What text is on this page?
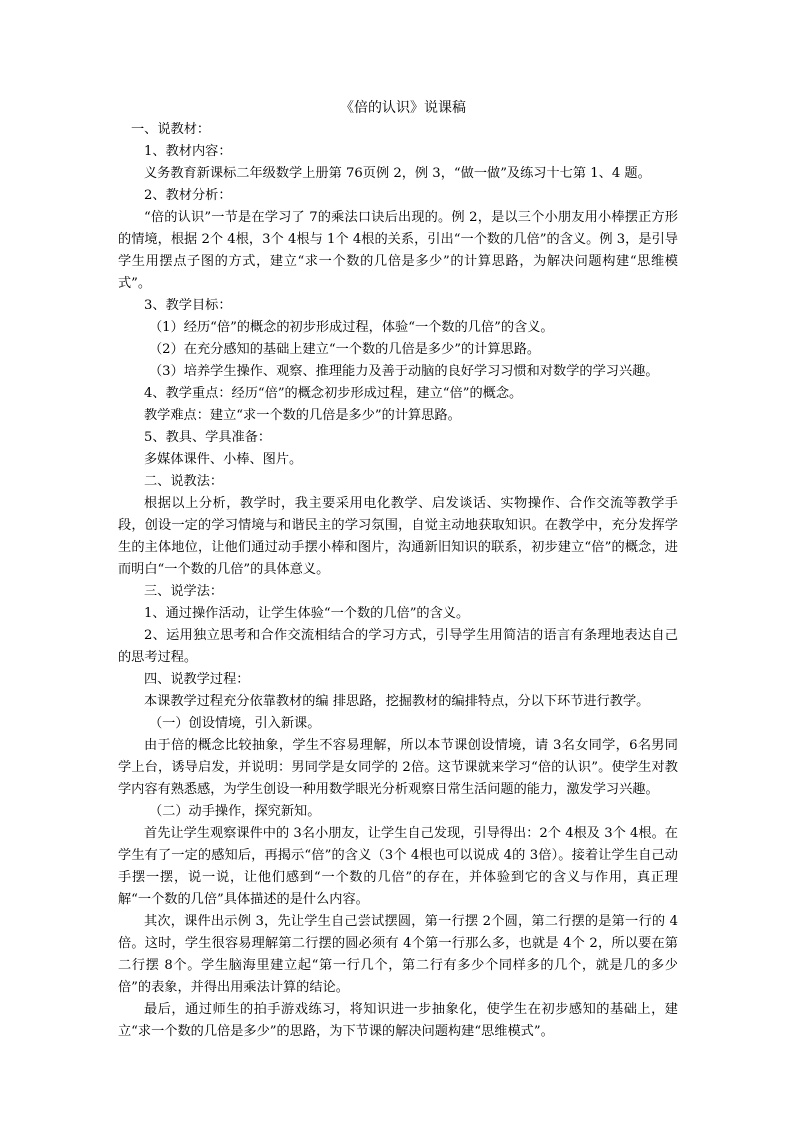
《倍的认识》说课稿
一、说教材：
1、教材内容：
义务教育新课标二年级数学上册第 76页例 2，例 3，“做一做”及练习十七第 1、4 题。
2、教材分析：
“倍的认识”一节是在学习了 7的乘法口诀后出现的。例 2，是以三个小朋友用小棒摆正方形的情境，根据 2个 4根，3个 4根与 1个 4根的关系，引出“一个数的几倍”的含义。例 3，是引导学生用摆点子图的方式，建立“求一个数的几倍是多少”的计算思路，为解决问题构建“思维模式”。
3、教学目标：
（1）经历“倍”的概念的初步形成过程，体验“一个数的几倍”的含义。
（2）在充分感知的基础上建立“一个数的几倍是多少”的计算思路。
（3）培养学生操作、观察、推理能力及善于动脑的良好学习习惯和对数学的学习兴趣。
4、教学重点：经历“倍”的概念初步形成过程，建立“倍”的概念。
教学难点：建立“求一个数的几倍是多少”的计算思路。
5、教具、学具准备：
多媒体课件、小棒、图片。
二、说教法：
根据以上分析，教学时，我主要采用电化教学、启发谈话、实物操作、合作交流等教学手段，创设一定的学习情境与和谐民主的学习氛围，自觉主动地获取知识。在教学中，充分发挥学生的主体地位，让他们通过动手摆小棒和图片，沟通新旧知识的联系，初步建立“倍”的概念，进而明白“一个数的几倍”的具体意义。
三、说学法：
1、通过操作活动，让学生体验“一个数的几倍”的含义。
2、运用独立思考和合作交流相结合的学习方式，引导学生用简洁的语言有条理地表达自己的思考过程。
四、说教学过程：
本课教学过程充分依靠教材的编 排思路，挖掘教材的编排特点，分以下环节进行教学。
（一）创设情境，引入新课。
由于倍的概念比较抽象，学生不容易理解，所以本节课创设情境，请 3名女同学，6名男同学上台，诱导启发，并说明：男同学是女同学的 2倍。这节课就来学习“倍的认识”。使学生对教学内容有熟悉感，为学生创设一种用数学眼光分析观察日常生活问题的能力，激发学习兴趣。
（二）动手操作，探究新知。
首先让学生观察课件中的 3名小朋友，让学生自己发现，引导得出：2个 4根及 3个 4根。在学生有了一定的感知后，再揭示“倍”的含义（3个 4根也可以说成 4的 3倍）。接着让学生自己动手摆一摆，说一说，让他们感到“一个数的几倍”的存在，并体验到它的含义与作用，真正理解“一个数的几倍”具体描述的是什么内容。
其次，课件出示例 3，先让学生自己尝试摆圆，第一行摆 2个圆，第二行摆的是第一行的 4倍。这时，学生很容易理解第二行摆的圆必须有 4个第一行那么多，也就是 4个 2，所以要在第二行摆 8个。学生脑海里建立起“第一行几个，第二行有多少个同样多的几个，就是几的多少倍”的表象，并得出用乘法计算的结论。
最后，通过师生的拍手游戏练习，将知识进一步抽象化，使学生在初步感知的基础上，建立“求一个数的几倍是多少”的思路，为下节课的解决问题构建“思维模式”。
